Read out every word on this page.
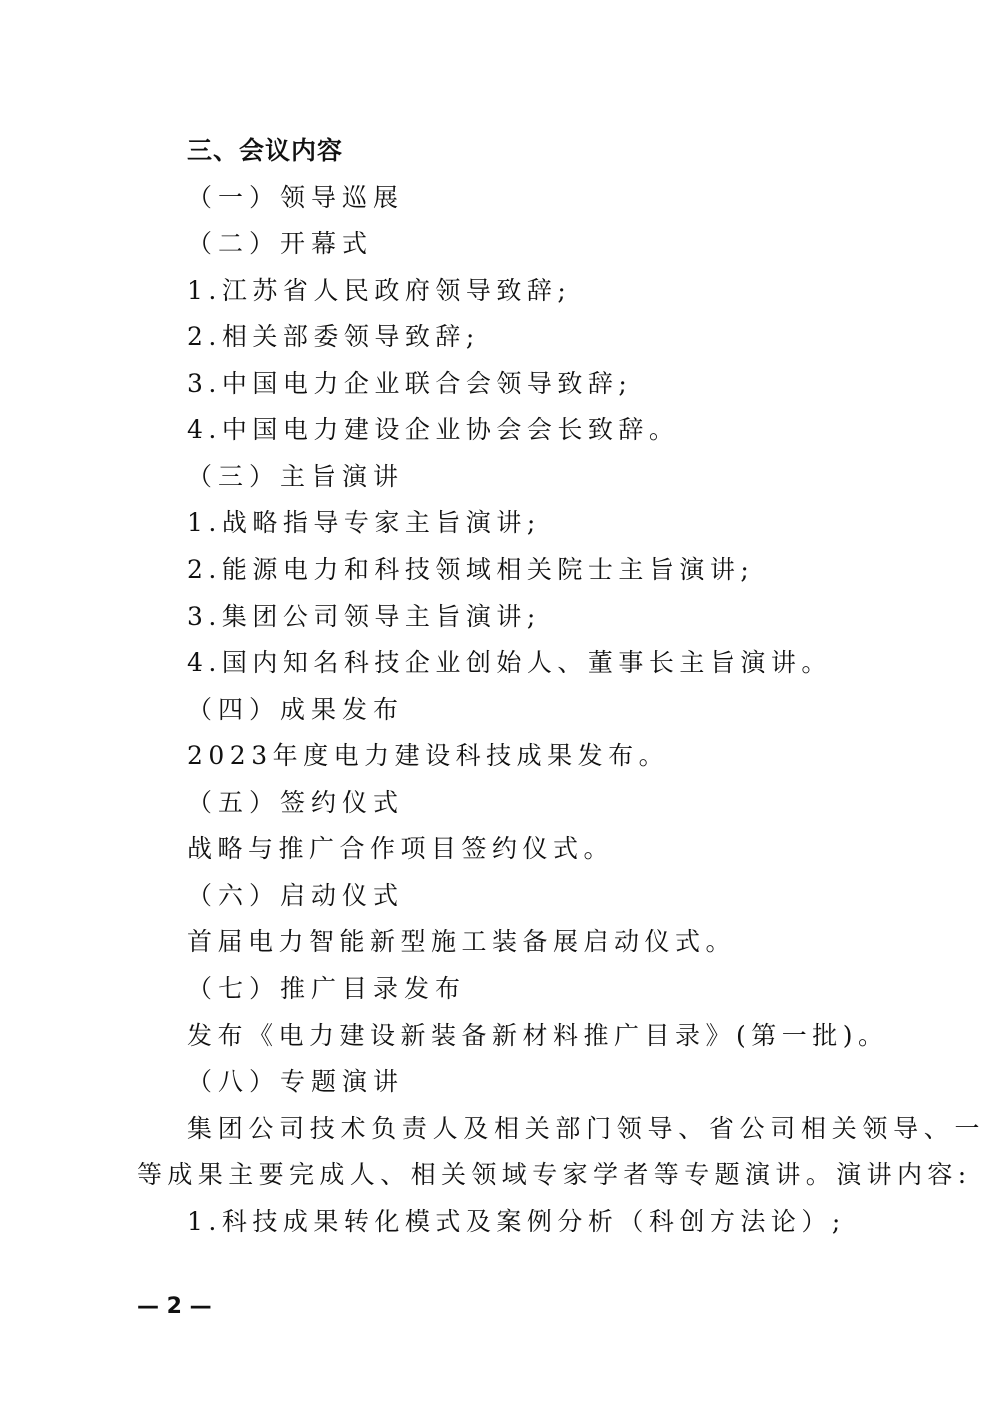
三、会议内容
（一）领导巡展
（二）开幕式
1.江苏省人民政府领导致辞;
2.相关部委领导致辞;
3.中国电力企业联合会领导致辞;
4.中国电力建设企业协会会长致辞。
（三）主旨演讲
1.战略指导专家主旨演讲;
2.能源电力和科技领域相关院士主旨演讲;
3.集团公司领导主旨演讲;
4.国内知名科技企业创始人、董事长主旨演讲。
（四）成果发布
2023年度电力建设科技成果发布。
（五）签约仪式
战略与推广合作项目签约仪式。
（六）启动仪式
首届电力智能新型施工装备展启动仪式。
（七）推广目录发布
发布《电力建设新装备新材料推广目录》(第一批)。
（八）专题演讲
集团公司技术负责人及相关部门领导、省公司相关领导、一
等成果主要完成人、相关领域专家学者等专题演讲。演讲内容:
1.科技成果转化模式及案例分析（科创方法论）;
— 2 —
